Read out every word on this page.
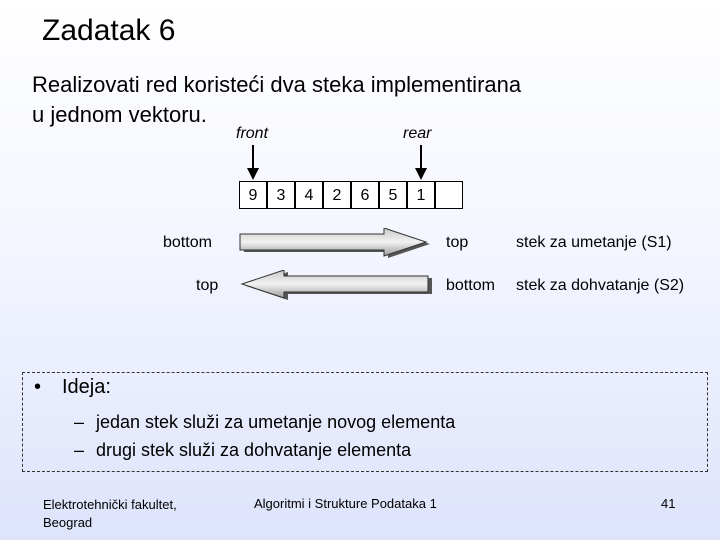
Zadatak 6
Realizovati red koristeći dva steka implementirana
u jednom vektoru.
front	rear
9	3	4	2	6	5	1
bottom	top	stek za umetanje (S1)
top	bottom stek za dohvatanje (S2)
• Ideja:
– jedan stek služi za umetanje novog elementa
– drugi stek služi za dohvatanje elementa
Elektrotehnički fakultet,
Beograd
Algoritmi i Strukture Podataka 1	41
